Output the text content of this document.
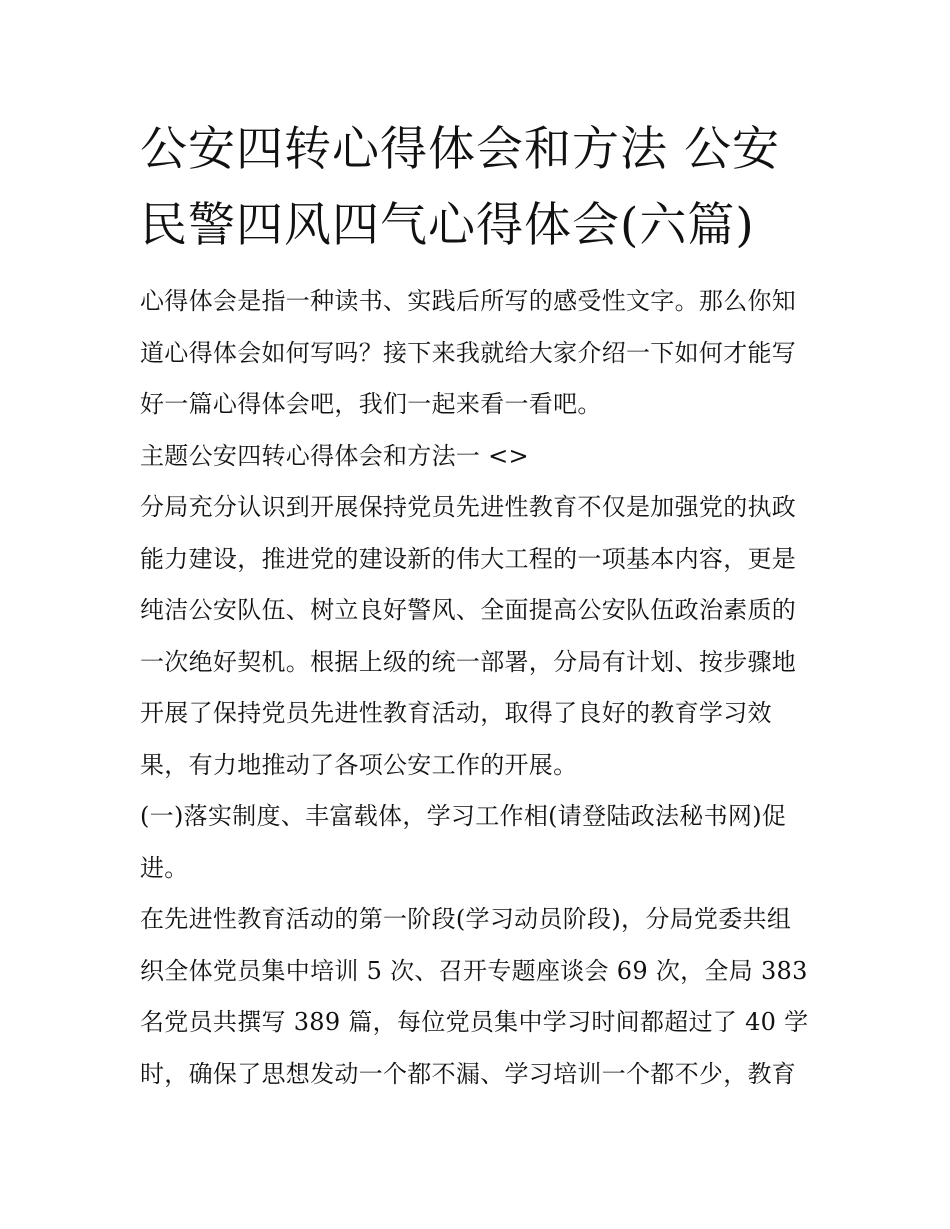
公安四转心得体会和方法 公安
民警四风四气心得体会(六篇)
心得体会是指一种读书、实践后所写的感受性文字。那么你知
道心得体会如何写吗？接下来我就给大家介绍一下如何才能写
好一篇心得体会吧，我们一起来看一看吧。
主题公安四转心得体会和方法一 <>
分局充分认识到开展保持党员先进性教育不仅是加强党的执政
能力建设，推进党的建设新的伟大工程的一项基本内容，更是
纯洁公安队伍、树立良好警风、全面提高公安队伍政治素质的
一次绝好契机。根据上级的统一部署，分局有计划、按步骤地
开展了保持党员先进性教育活动，取得了良好的教育学习效
果，有力地推动了各项公安工作的开展。
(一)落实制度、丰富载体，学习工作相(请登陆政法秘书网)促
进。
在先进性教育活动的第一阶段(学习动员阶段)，分局党委共组
织全体党员集中培训 5 次、召开专题座谈会 69 次，全局 383
名党员共撰写 389 篇，每位党员集中学习时间都超过了 40 学
时，确保了思想发动一个都不漏、学习培训一个都不少，教育
